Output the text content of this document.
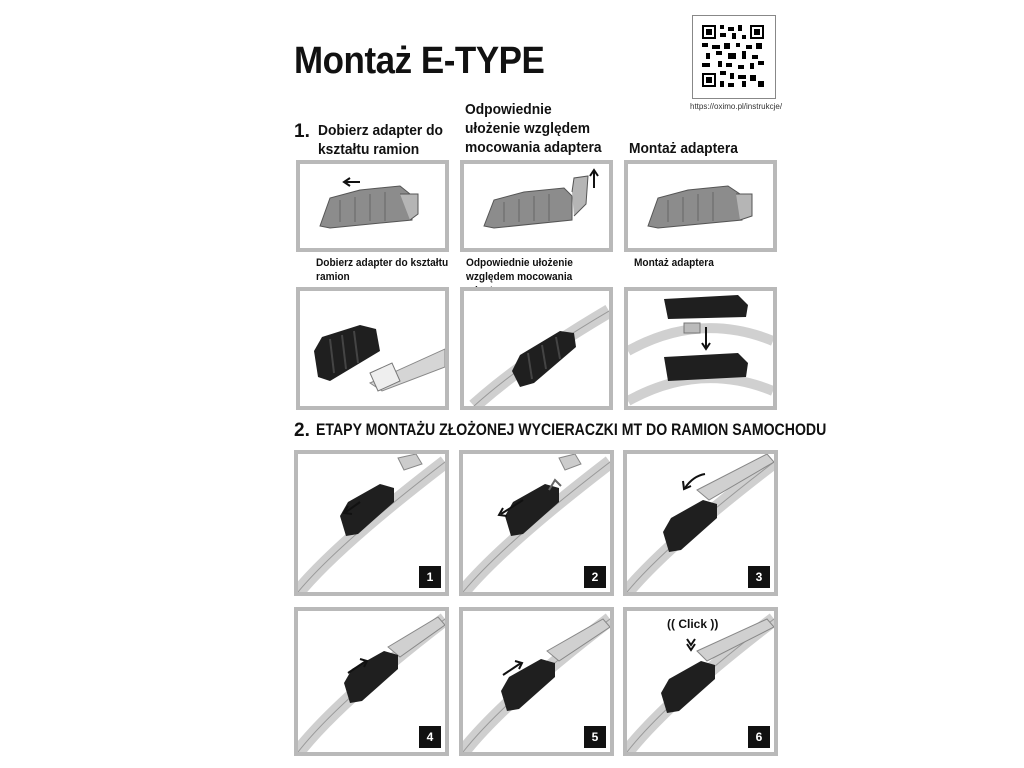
Montaż E-TYPE
https://oximo.pl/instrukcje/
1. Dobierz adapter do kształtu ramion
Odpowiednie ułożenie względem mocowania adaptera Montaż adaptera
Dobierz adapter do kształtu ramion
Odpowiednie ułożenie względem mocowania
Montaż adaptera
2. ETAPY MONTAŻU ZŁOŻONEJ WYCIERACZKI MT DO RAMION SAMOCHODU
1	2	3
4	5
(( Click ))
6
